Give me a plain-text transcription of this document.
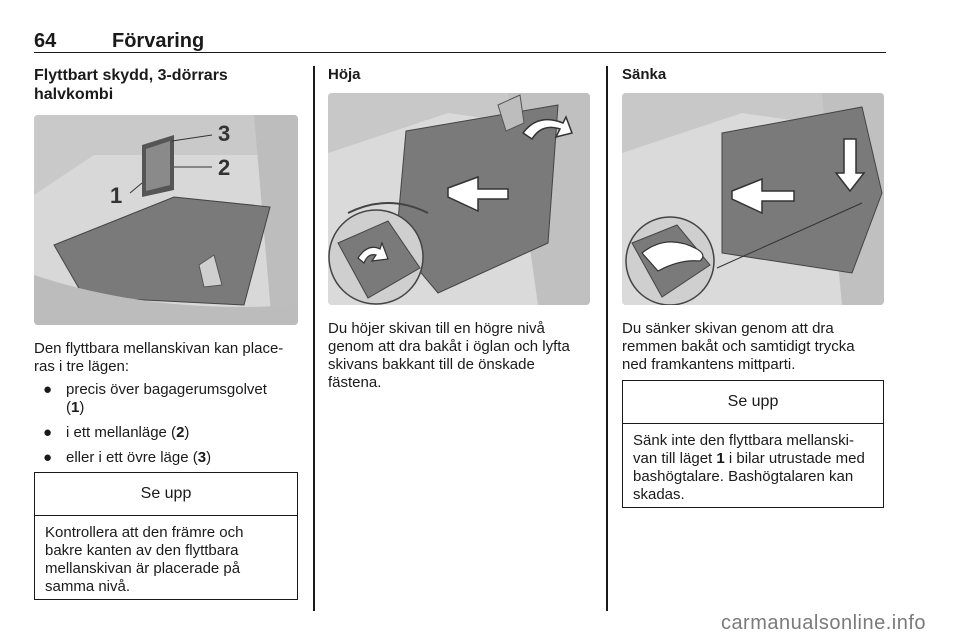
64	Förvaring

Flyttbart skydd, 3-dörrars
halvkombi

3
2
1

Den flyttbara mellanskivan kan place‐
ras i tre lägen:

● precis över bagagerumsgolvet
(1)
● i ett mellanläge (2)
● eller i ett övre läge (3)
Se upp
Kontrollera att den främre och
bakre kanten av den flyttbara
mellanskivan är placerade på
samma nivå.

Höja

Du höjer skivan till en högre nivå
genom att dra bakåt i öglan och lyfta
skivans bakkant till de önskade
fästena.

Sänka

Du sänker skivan genom att dra
remmen bakåt och samtidigt trycka
ned framkantens mittparti.

Se upp
Sänk inte den flyttbara mellanski‐
van till läget 1 i bilar utrustade med
bashögtalare. Bashögtalaren kan
skadas.
carmanualsonline.info
